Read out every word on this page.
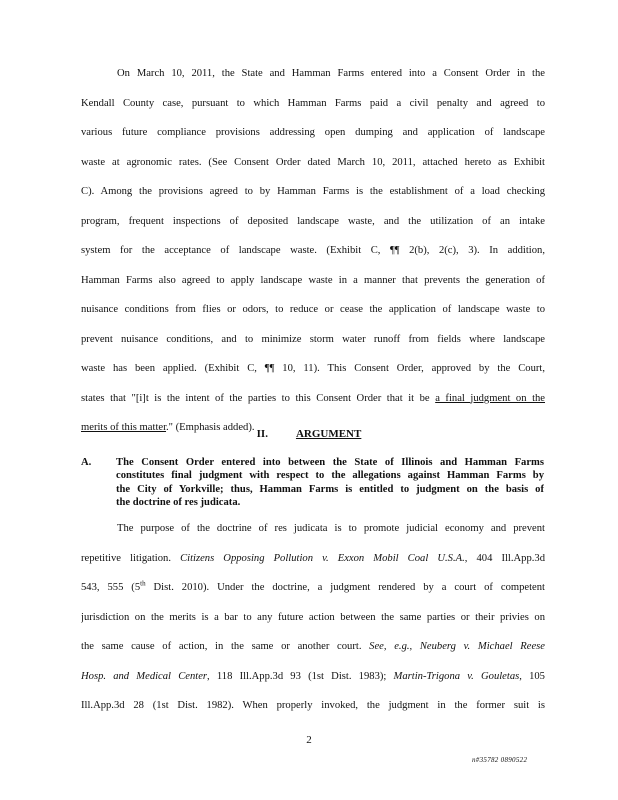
On March 10, 2011, the State and Hamman Farms entered into a Consent Order in the
Kendall County case, pursuant to which Hamman Farms paid a civil penalty and agreed to
various future compliance provisions addressing open dumping and application of landscape
waste at agronomic rates. (See Consent Order dated March 10, 2011, attached hereto as Exhibit
C). Among the provisions agreed to by Hamman Farms is the establishment of a load checking
program, frequent inspections of deposited landscape waste, and the utilization of an intake
system for the acceptance of landscape waste. (Exhibit C, ¶¶ 2(b), 2(c), 3). In addition,
Hamman Farms also agreed to apply landscape waste in a manner that prevents the generation of
nuisance conditions from flies or odors, to reduce or cease the application of landscape waste to
prevent nuisance conditions, and to minimize storm water runoff from fields where landscape
waste has been applied. (Exhibit C, ¶¶ 10, 11). This Consent Order, approved by the Court,
states that "[i]t is the intent of the parties to this Consent Order that it be a final judgment on the
merits of this matter." (Emphasis added).
II.	ARGUMENT
A. The Consent Order entered into between the State of Illinois and Hamman Farms
constitutes final judgment with respect to the allegations against Hamman Farms by
the City of Yorkville; thus, Hamman Farms is entitled to judgment on the basis of
the doctrine of res judicata.
The purpose of the doctrine of res judicata is to promote judicial economy and prevent
repetitive litigation. Citizens Opposing Pollution v. Exxon Mobil Coal U.S.A., 404 Ill.App.3d
543, 555 (5th Dist. 2010). Under the doctrine, a judgment rendered by a court of competent
jurisdiction on the merits is a bar to any future action between the same parties or their privies on
the same cause of action, in the same or another court. See, e.g., Neuberg v. Michael Reese
Hosp. and Medical Center, 118 Ill.App.3d 93 (1st Dist. 1983); Martin-Trigona v. Gouletas, 105
Ill.App.3d 28 (1st Dist. 1982). When properly invoked, the judgment in the former suit is
2
n#35782 0890522
